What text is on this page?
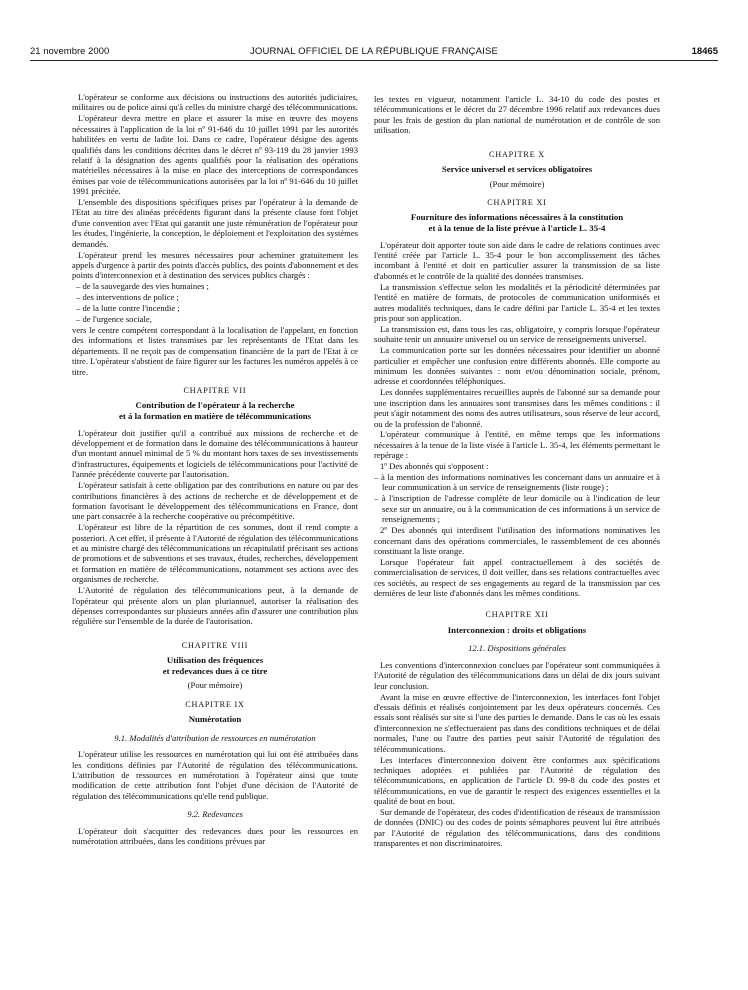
21 novembre 2000	JOURNAL OFFICIEL DE LA RÉPUBLIQUE FRANÇAISE	18465

L'opérateur se conforme aux décisions ou instructions des autorités judiciaires, militaires ou de police ainsi qu'à celles du ministre chargé des télécommunications.

L'opérateur devra mettre en place et assurer la mise en œuvre des moyens nécessaires à l'application de la loi nº 91-646 du 10 juillet 1991 par les autorités habilitées en vertu de ladite loi. Dans ce cadre, l'opérateur désigne des agents qualifiés dans les conditions décrites dans le décret nº 93-119 du 28 janvier 1993 relatif à la désignation des agents qualifiés pour la réalisation des opérations matérielles nécessaires à la mise en place des interceptions de correspondances émises par voie de télécommunications autorisées par la loi nº 91-646 du 10 juillet 1991 précitée.

L'ensemble des dispositions spécifiques prises par l'opérateur à la demande de l'Etat au titre des alinéas précédents figurant dans la présente clause font l'objet d'une convention avec l'Etat qui garantit une juste rémunération de l'opérateur pour les études, l'ingénierie, la conception, le déploiement et l'exploitation des systèmes demandés.

L'opérateur prend les mesures nécessaires pour acheminer gratuitement les appels d'urgence à partir des points d'accès publics, des points d'abonnement et des points d'interconnexion et à destination des services publics chargés :

– de la sauvegarde des vies humaines ;

– des interventions de police ;

– de la lutte contre l'incendie ;

– de l'urgence sociale,

vers le centre compétent correspondant à la localisation de l'appelant, en fonction des informations et listes transmises par les représentants de l'Etat dans les départements. Il ne reçoit pas de compensation financière de la part de l'Etat à ce titre. L'opérateur s'abstient de faire figurer sur les factures les numéros appelés à ce titre.

CHAPITRE VII
Contribution de l'opérateur à la recherche
et à la formation en matière de télécommunications

L'opérateur doit justifier qu'il a contribué aux missions de recherche et de développement et de formation dans le domaine des télécommunications à hauteur d'un montant annuel minimal de 5 % du montant hors taxes de ses investissements d'infrastructures, équipements et logiciels de télécommunications pour l'activité de l'année précédente couverte par l'autorisation.

L'opérateur satisfait à cette obligation par des contributions en nature ou par des contributions financières à des actions de recherche et de développement et de formation favorisant le développement des télécommunications en France, dont une part consacrée à la recherche coopérative ou précompétitive.

L'opérateur est libre de la répartition de ces sommes, dont il rend compte a posteriori. A cet effet, il présente à l'Autorité de régulation des télécommunications et au ministre chargé des télécommunications un récapitulatif précisant ses actions de promotions et de subventions et ses travaux, études, recherches, développement et formation en matière de télécommunications, notamment ses actions avec des organismes de recherche.

L'Autorité de régulation des télécommunications peut, à la demande de l'opérateur qui présente alors un plan pluriannuel, autoriser la réalisation des dépenses correspondantes sur plusieurs années afin d'assurer une contribution plus régulière sur l'ensemble de la durée de l'autorisation.

CHAPITRE VIII
Utilisation des fréquences
et redevances dues à ce titre
(Pour mémoire)
CHAPITRE IX
Numérotation
9.1. Modalités d'attribution de ressources en numérotation

L'opérateur utilise les ressources en numérotation qui lui ont été attribuées dans les conditions définies par l'Autorité de régulation des télécommunications. L'attribution de ressources en numérotation à l'opérateur ainsi que toute modification de cette attribution font l'objet d'une décision de l'Autorité de régulation des télécommunications qu'elle rend publique.

9.2. Redevances

L'opérateur doit s'acquitter des redevances dues pour les ressources en numérotation attribuées, dans les conditions prévues par

les textes en vigueur, notamment l'article L. 34-10 du code des postes et télécommunications et le décret du 27 décembre 1996 relatif aux redevances dues pour les frais de gestion du plan national de numérotation et de contrôle de son utilisation.

CHAPITRE X
Service universel et services obligatoires
(Pour mémoire)
CHAPITRE XI
Fourniture des informations nécessaires à la constitution
et à la tenue de la liste prévue à l'article L. 35-4

L'opérateur doit apporter toute son aide dans le cadre de relations continues avec l'entité créée par l'article L. 35-4 pour le bon accomplissement des tâches incombant à l'entité et doit en particulier assurer la transmission de sa liste d'abonnés et le contrôle de la qualité des données transmises.

La transmission s'effectue selon les modalités et la périodicité déterminées par l'entité en matière de formats, de protocoles de communication uniformisés et autres modalités techniques, dans le cadre défini par l'article L. 35-4 et les textes pris pour son application.

La transmission est, dans tous les cas, obligatoire, y compris lorsque l'opérateur souhaite tenir un annuaire universel ou un service de renseignements universel.

La communication porte sur les données nécessaires pour identifier un abonné particulier et empêcher une confusion entre différents abonnés. Elle comporte au minimum les données suivantes : nom et/ou dénomination sociale, prénom, adresse et coordonnées téléphoniques.

Les données supplémentaires recueillies auprès de l'abonné sur sa demande pour une inscription dans les annuaires sont transmises dans les mêmes conditions : il peut s'agir notamment des noms des autres utilisateurs, sous réserve de leur accord, ou de la profession de l'abonné.

L'opérateur communique à l'entité, en même temps que les informations nécessaires à la tenue de la liste visée à l'article L. 35-4, les éléments permettant le repérage :

1º Des abonnés qui s'opposent :

– à la mention des informations nominatives les concernant dans un annuaire et à leur communication à un service de renseignements (liste rouge) ;

– à l'inscription de l'adresse complète de leur domicile ou à l'indication de leur sexe sur un annuaire, ou à la communication de ces informations à un service de renseignements ;

2º Des abonnés qui interdisent l'utilisation des informations nominatives les concernant dans des opérations commerciales, le rassemblement de ces abonnés constituant la liste orange.

Lorsque l'opérateur fait appel contractuellement à des sociétés de commercialisation de services, il doit veiller, dans ses relations contractuelles avec ces sociétés, au respect de ses engagements au regard de la transmission par ces dernières de leur liste d'abonnés dans les mêmes conditions.

CHAPITRE XII
Interconnexion : droits et obligations
12.1. Dispositions générales

Les conventions d'interconnexion conclues par l'opérateur sont communiquées à l'Autorité de régulation des télécommunications dans un délai de dix jours suivant leur conclusion.

Avant la mise en œuvre effective de l'interconnexion, les interfaces font l'objet d'essais définis et réalisés conjointement par les deux opérateurs concernés. Ces essais sont réalisés sur site si l'une des parties le demande. Dans le cas où les essais d'interconnexion ne s'effectueraient pas dans des conditions techniques et de délai normales, l'une ou l'autre des parties peut saisir l'Autorité de régulation des télécommunications.

Les interfaces d'interconnexion doivent être conformes aux spécifications techniques adoptées et publiées par l'Autorité de régulation des télécommunications, en application de l'article D. 99-8 du code des postes et télécommunications, en vue de garantir le respect des exigences essentielles et la qualité de bout en bout.

Sur demande de l'opérateur, des codes d'identification de réseaux de transmission de données (DNIC) ou des codes de points sémaphores peuvent lui être attribués par l'Autorité de régulation des télécommunications, dans des conditions transparentes et non discriminatoires.
